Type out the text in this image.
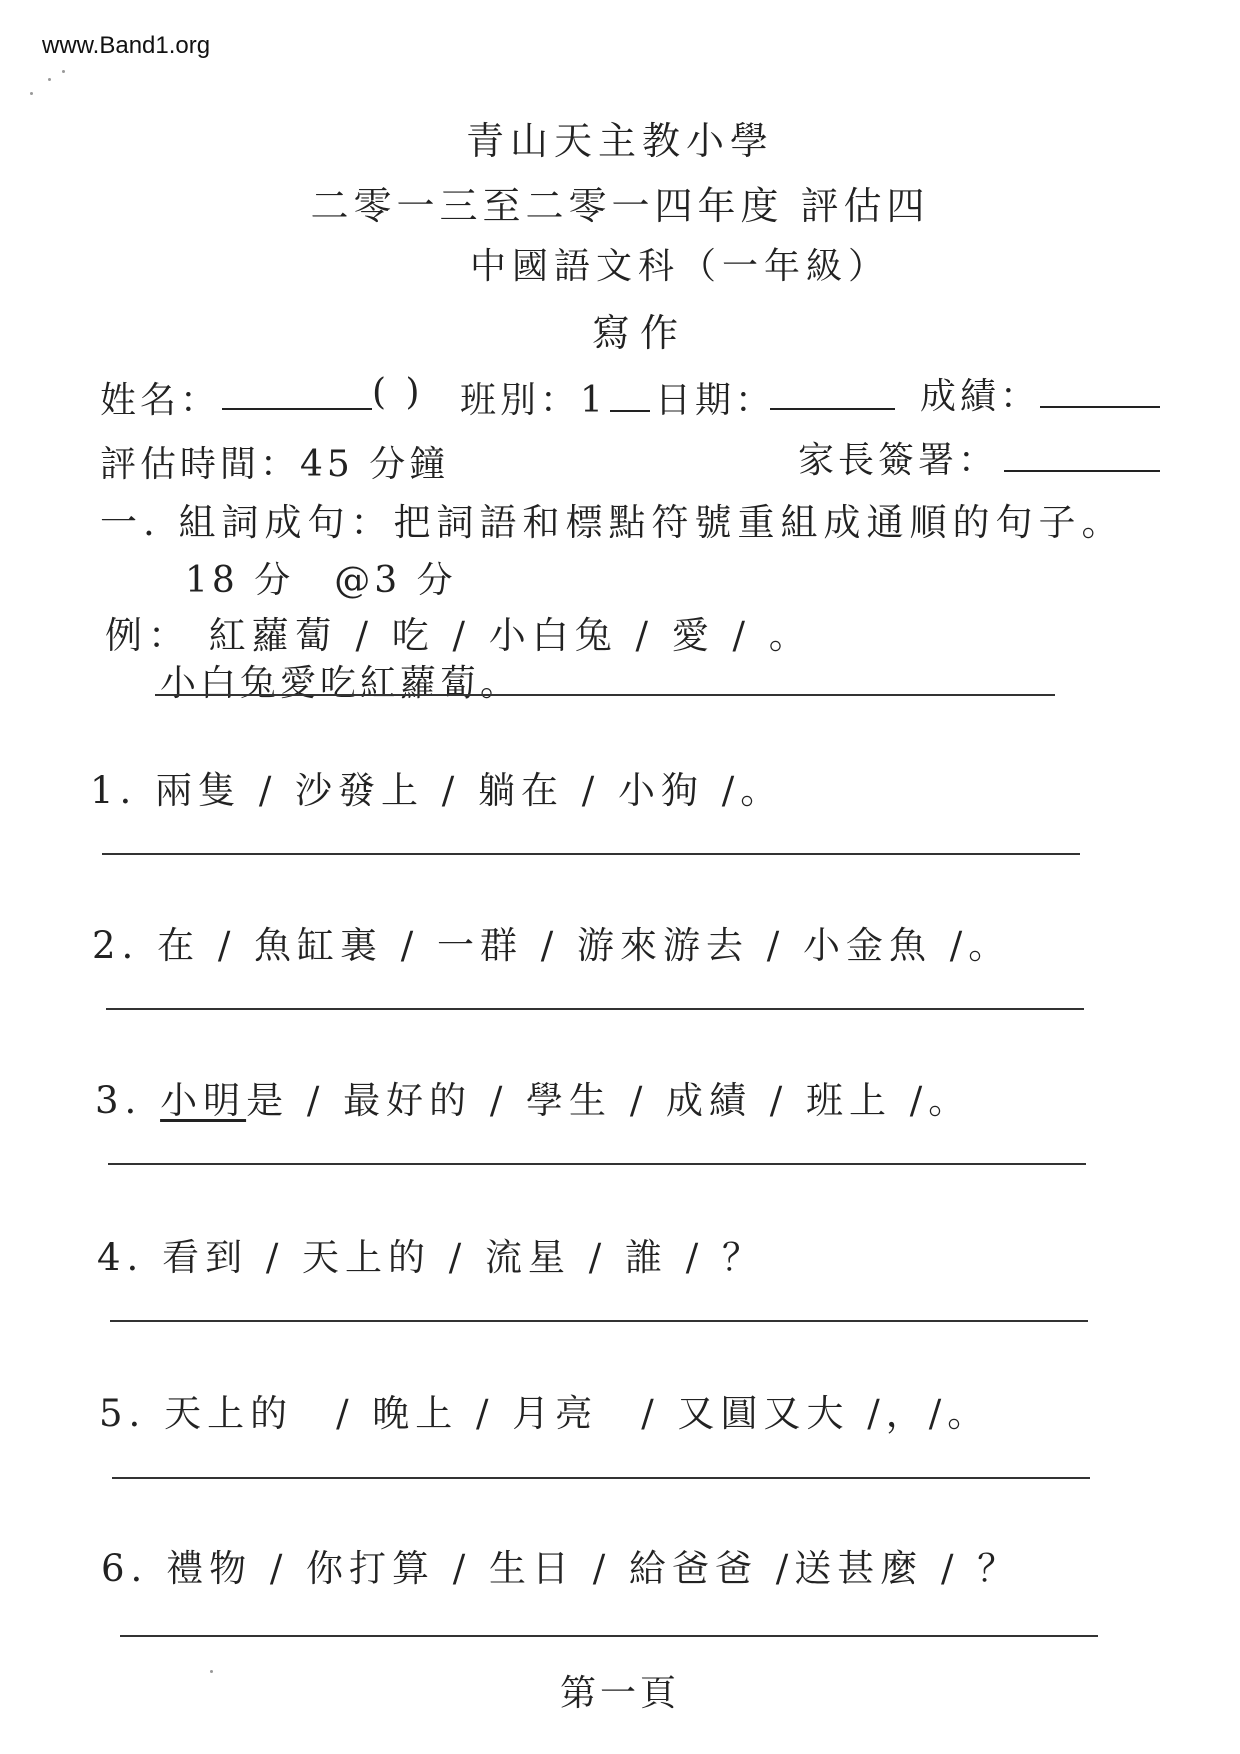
www.Band1.org
青山天主教小學
二零一三至二零一四年度 評估四
中國語文科（一年級）
寫作
姓名：	( ) 班別：1 日期：	成績：
評估時間：45 分鐘	家長簽署：
一. 組詞成句：把詞語和標點符號重組成通順的句子。
18 分　@3 分
例： 紅蘿蔔 / 吃 / 小白兔 / 愛 / 。
小白兔愛吃紅蘿蔔。
1. 兩隻 / 沙發上 / 躺在 / 小狗 /。
2. 在 / 魚缸裏 / 一群 / 游來游去 / 小金魚 /。
3. 小明是 / 最好的 / 學生 / 成績 / 班上 /。
4. 看到 / 天上的 / 流星 / 誰 / ？
5. 天上的　/ 晚上 / 月亮　/ 又圓又大 /，/。
6. 禮物 / 你打算 / 生日 / 給爸爸 /送甚麼 / ？
第一頁
